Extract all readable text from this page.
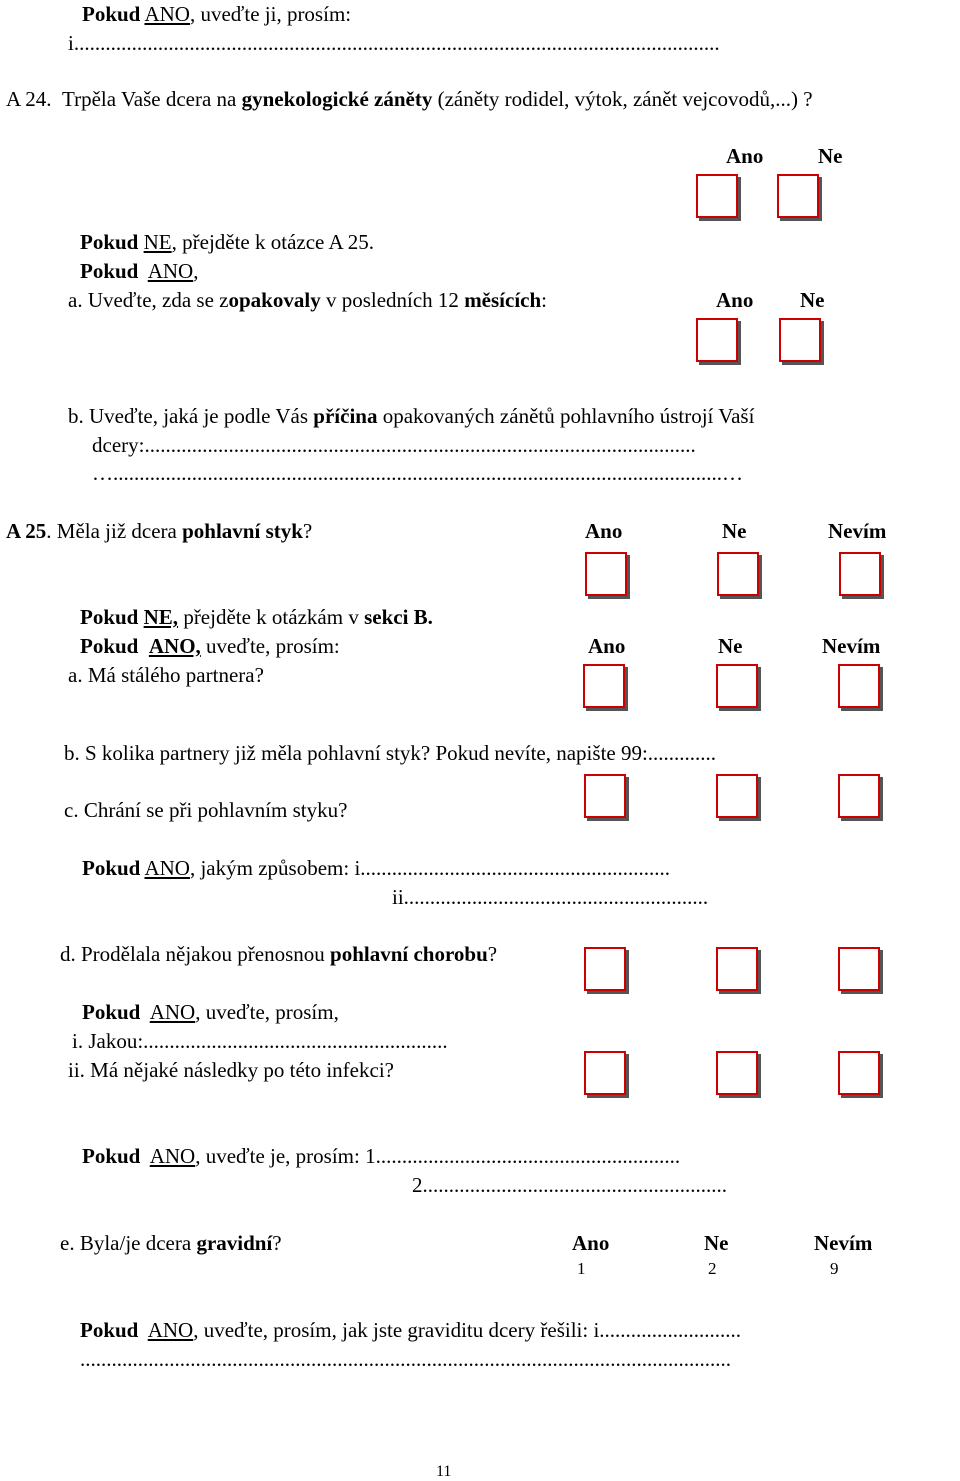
Pokud ANO, uveďte ji, prosím:
i...........................................................................................................................
A 24. Trpěla Vaše dcera na gynekologické záněty (záněty rodidel, výtok, zánět vejcovodů,...) ?
Ano	Ne
Pokud NE, přejděte k otázce A 25.
Pokud ANO,
a. Uveďte, zda se zopakovaly v posledních 12 měsících:	Ano Ne
b. Uveďte, jaká je podle Vás příčina opakovaných zánětů pohlavního ústrojí Vaší
dcery:.........................................................................................................
…....................................................................................................................…
A 25. Měla již dcera pohlavní styk?	Ano	Ne	Nevím
Pokud NE, přejděte k otázkám v sekci B.
Pokud ANO, uveďte, prosím:	Ano	Ne	Nevím
a. Má stálého partnera?
b. S kolika partnery již měla pohlavní styk? Pokud nevíte, napište 99:.............
c. Chrání se při pohlavním styku?
Pokud ANO, jakým způsobem: i...........................................................
ii..........................................................
d. Prodělala nějakou přenosnou pohlavní chorobu?
Pokud ANO, uveďte, prosím,
i. Jakou:..........................................................
ii. Má nějaké následky po této infekci?
Pokud ANO, uveďte je, prosím: 1..........................................................
2..........................................................
e. Byla/je dcera gravidní?	Ano	Ne	Nevím
1	2	9
Pokud ANO, uveďte, prosím, jak jste graviditu dcery řešili: i...........................
............................................................................................................................
11
